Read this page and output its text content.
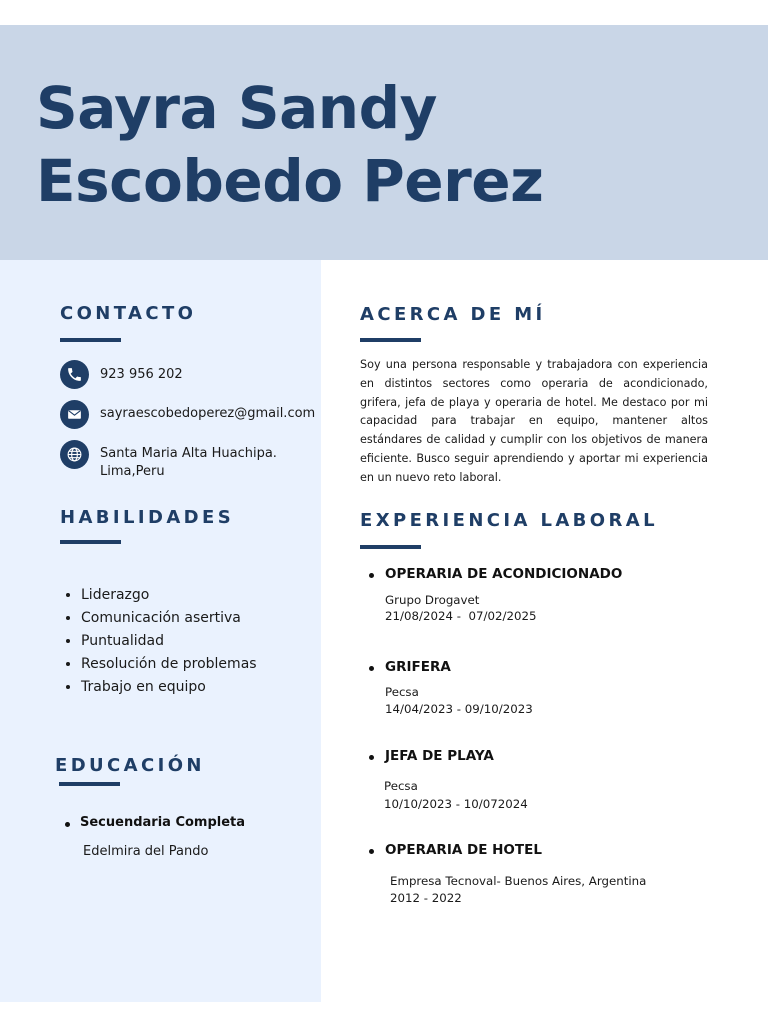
Sayra Sandy
Escobedo Perez
CONTACTO
923 956 202
sayraescobedoperez@gmail.com
Santa Maria Alta Huachipa.
Lima,Peru
HABILIDADES
• Liderazgo
• Comunicación asertiva
• Puntualidad
• Resolución de problemas
• Trabajo en equipo
EDUCACIÓN
Secuendaria Completa
Edelmira del Pando
ACERCA DE MÍ

Soy una persona responsable y trabajadora con experiencia en distintos sectores como operaria de acondicionado, grifera, jefa de playa y operaria de hotel. Me destaco por mi capacidad para trabajar en equipo, mantener altos estándares de calidad y cumplir con los objetivos de manera eficiente. Busco seguir aprendiendo y aportar mi experiencia en un nuevo reto laboral.

EXPERIENCIA LABORAL
OPERARIA DE ACONDICIONADO
Grupo Drogavet
21/08/2024 -  07/02/2025
GRIFERA
Pecsa
14/04/2023 - 09/10/2023
JEFA DE PLAYA
Pecsa
10/10/2023 - 10/072024
OPERARIA DE HOTEL
Empresa Tecnoval- Buenos Aires, Argentina
2012 - 2022
